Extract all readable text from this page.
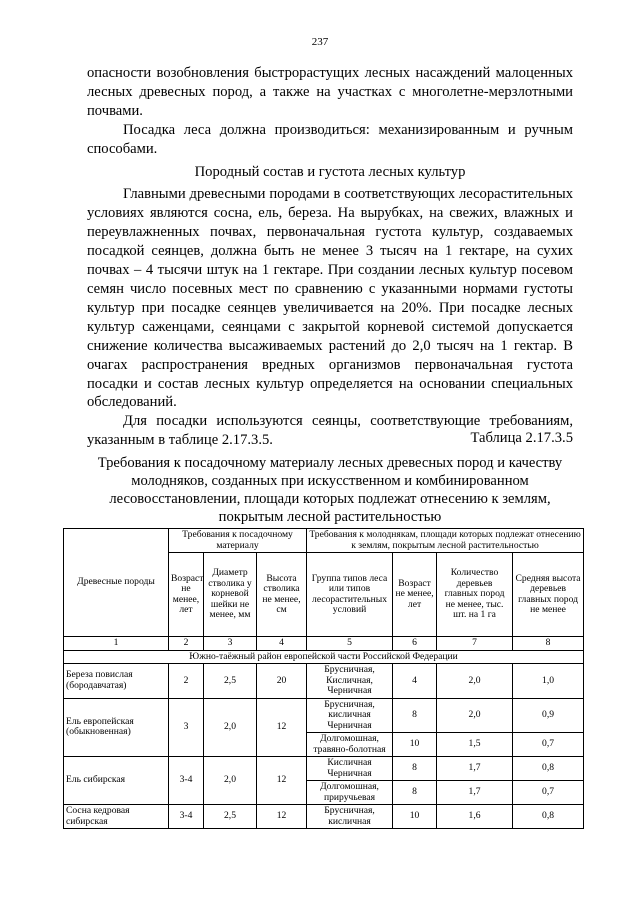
237

опасности возобновления быстрорастущих лесных насаждений малоценных лесных древесных пород, а также на участках с многолетне-мерзлотными почвами.

Посадка леса должна производиться: механизированным и ручным способами.

Породный состав и густота лесных культур

Главными древесными породами в соответствующих лесорастительных условиях являются сосна, ель, береза. На вырубках, на свежих, влажных и переувлажненных почвах, первоначальная густота культур, создаваемых посадкой сеянцев, должна быть не менее 3 тысяч на 1 гектаре, на сухих почвах – 4 тысячи штук на 1 гектаре. При создании лесных культур посевом семян число посевных мест по сравнению с указанными нормами густоты культур при посадке сеянцев увеличивается на 20%. При посадке лесных культур саженцами, сеянцами с закрытой корневой системой допускается снижение количества высаживаемых растений до 2,0 тысяч на 1 гектар. В очагах распространения вредных организмов первоначальная густота посадки и состав лесных культур определяется на основании специальных обследований.

Для посадки используются сеянцы, соответствующие требованиям, указанным в таблице 2.17.3.5.	Таблица 2.17.3.5
Требования к посадочному материалу лесных древесных пород и качеству молодняков, созданных при искусственном и комбинированном лесовосстановлении, площади которых подлежат отнесению к землям, покрытым лесной растительностью
Древесные породы	Требования к посадочному материалу			Требования к молоднякам, площади которых подлежат отнесению к землям, покрытым лесной растительностью			
	Возраст не менее, лет	Диаметр стволика у корневой шейки не менее, мм	Высота стволика не менее, см	Группа типов леса или типов лесорастительных условий	Возраст не менее, лет	Количество деревьев главных пород не менее, тыс. шт. на 1 га	Средняя высота деревьев главных пород не менее
1	2	3	4	5	6	7	8
Южно-таёжный район европейской части Российской Федерации							
Береза повислая (бородавчатая)	2	2,5	20	Брусничная, Кисличная, Черничная	4	2,0	1,0
Ель европейская (обыкновенная)	3	2,0	12	Брусничная, кисличная Черничная	8	2,0	0,9
				Долгомошная, травяно-болотная	10	1,5	0,7
Ель сибирская	3-4	2,0	12	Кисличная Черничная	8	1,7	0,8
				Долгомошная, приручьевая	8	1,7	0,7
Сосна кедровая сибирская	3-4	2,5	12	Брусничная, кисличная	10	1,6	0,8
